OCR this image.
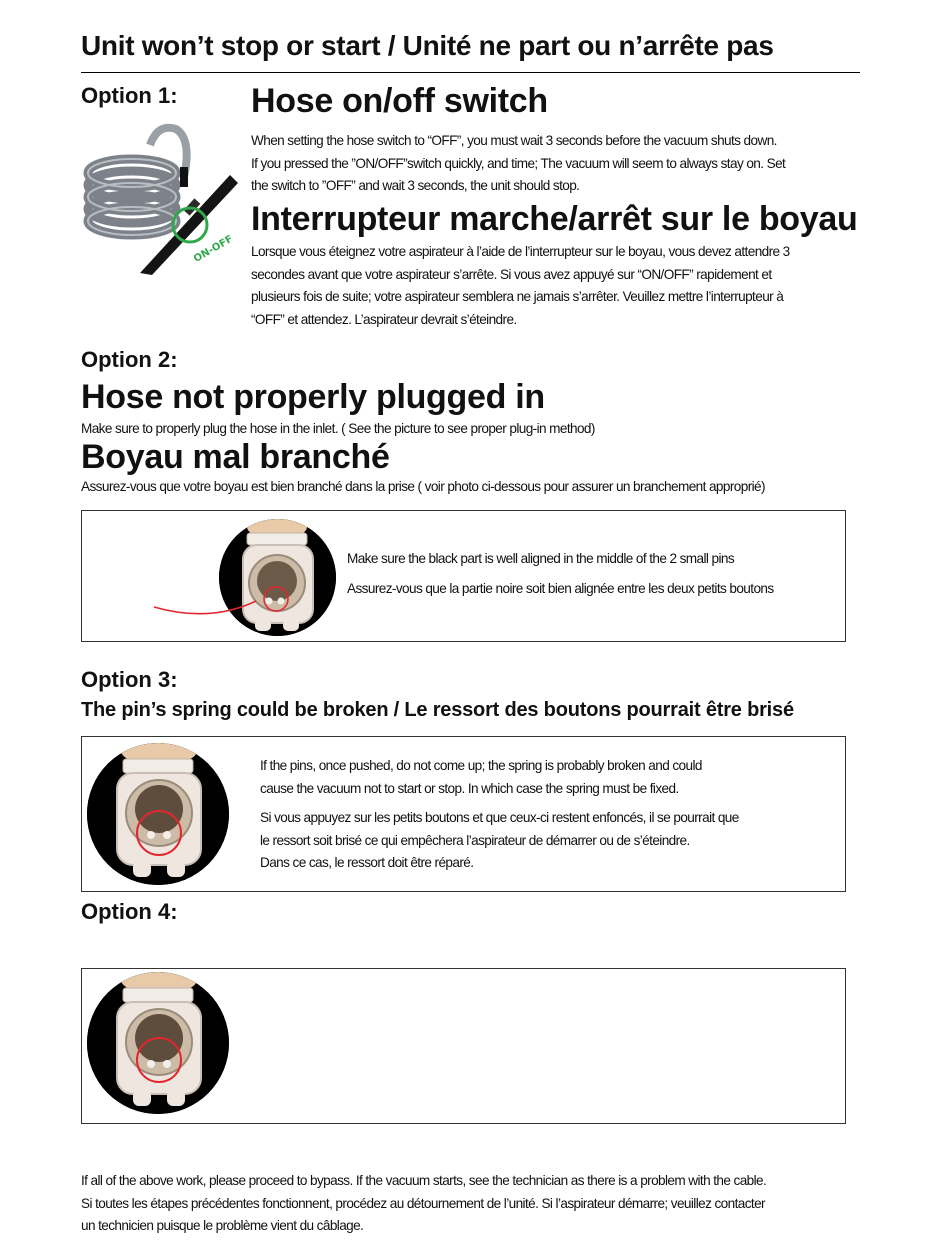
Unit won’t stop or start / Unité ne part ou n’arrête pas
Option 1:
ON-OFF
Hose on/off switch
When setting the hose switch to “OFF”, you must wait 3 seconds before the vacuum shuts down.
If you pressed the ”ON/OFF”switch quickly, and time; The vacuum will seem to always stay on. Set
the switch to ”OFF” and wait 3 seconds, the unit should stop.
Interrupteur marche/arrêt sur le boyau
Lorsque vous éteignez votre aspirateur à l’aide de l’interrupteur sur le boyau, vous devez attendre 3
secondes avant que votre aspirateur s’arrête. Si vous avez appuyé sur “ON/OFF” rapidement et
plusieurs fois de suite; votre aspirateur semblera ne jamais s’arrêter. Veuillez mettre l’interrupteur à
“OFF” et attendez. L’aspirateur devrait s’éteindre.
Option 2:
Hose not properly plugged in
Make sure to properly plug the hose in the inlet. ( See the picture to see proper plug-in method)
Boyau mal branché
Assurez-vous que votre boyau est bien branché dans la prise ( voir photo ci-dessous pour assurer un branchement approprié)
Make sure the black part is well aligned in the middle of the 2 small pins
Assurez-vous que la partie noire soit bien alignée entre les deux petits boutons
Option 3:
The pin’s spring could be broken / Le ressort des boutons pourrait être brisé
If the pins, once pushed, do not come up; the spring is probably broken and could
cause the vacuum not to start or stop. In which case the spring must be fixed.
Si vous appuyez sur les petits boutons et que ceux-ci restent enfoncés, il se pourrait que
le ressort soit brisé ce qui empêchera l’aspirateur de démarrer ou de s’éteindre.
Dans ce cas, le ressort doit être réparé.
Option 4:
If all of the above work, please proceed to bypass. If the vacuum starts, see the technician as there is a problem with the cable.
Si toutes les étapes précédentes fonctionnent, procédez au détournement de l’unité. Si l’aspirateur démarre; veuillez contacter
un technicien puisque le problème vient du câblage.
